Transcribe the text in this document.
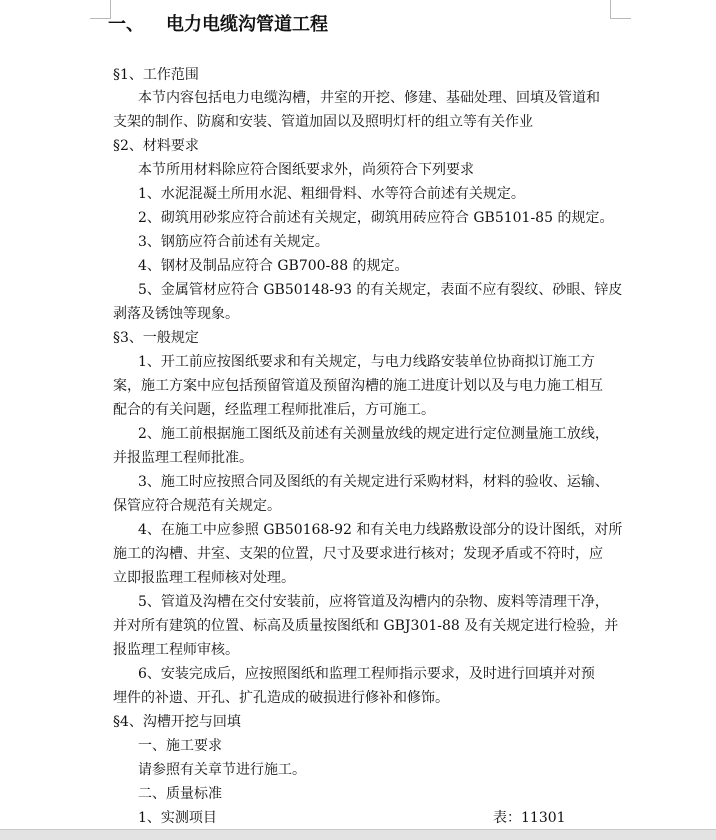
一、 电力电缆沟管道工程
§1、工作范围
本节内容包括电力电缆沟槽，井室的开挖、修建、基础处理、回填及管道和
支架的制作、防腐和安装、管道加固以及照明灯杆的组立等有关作业
§2、材料要求
本节所用材料除应符合图纸要求外，尚须符合下列要求
1、水泥混凝土所用水泥、粗细骨料、水等符合前述有关规定。
2、砌筑用砂浆应符合前述有关规定，砌筑用砖应符合 GB5101-85 的规定。
3、钢筋应符合前述有关规定。
4、钢材及制品应符合 GB700-88 的规定。
5、金属管材应符合 GB50148-93 的有关规定，表面不应有裂纹、砂眼、锌皮
剥落及锈蚀等现象。
§3、一般规定
1、开工前应按图纸要求和有关规定，与电力线路安装单位协商拟订施工方
案，施工方案中应包括预留管道及预留沟槽的施工进度计划以及与电力施工相互
配合的有关问题，经监理工程师批准后，方可施工。
2、施工前根据施工图纸及前述有关测量放线的规定进行定位测量施工放线，
并报监理工程师批准。
3、施工时应按照合同及图纸的有关规定进行采购材料，材料的验收、运输、
保管应符合规范有关规定。
4、在施工中应参照 GB50168-92 和有关电力线路敷设部分的设计图纸，对所
施工的沟槽、井室、支架的位置，尺寸及要求进行核对；发现矛盾或不符时，应
立即报监理工程师核对处理。
5、管道及沟槽在交付安装前，应将管道及沟槽内的杂物、废料等清理干净，
并对所有建筑的位置、标高及质量按图纸和 GBJ301-88 及有关规定进行检验，并
报监理工程师审核。
6、安装完成后，应按照图纸和监理工程师指示要求，及时进行回填并对预
埋件的补遗、开孔、扩孔造成的破损进行修补和修饰。
§4、沟槽开挖与回填
一、施工要求
请参照有关章节进行施工。
二、质量标准
1、实测项目	表：11301
